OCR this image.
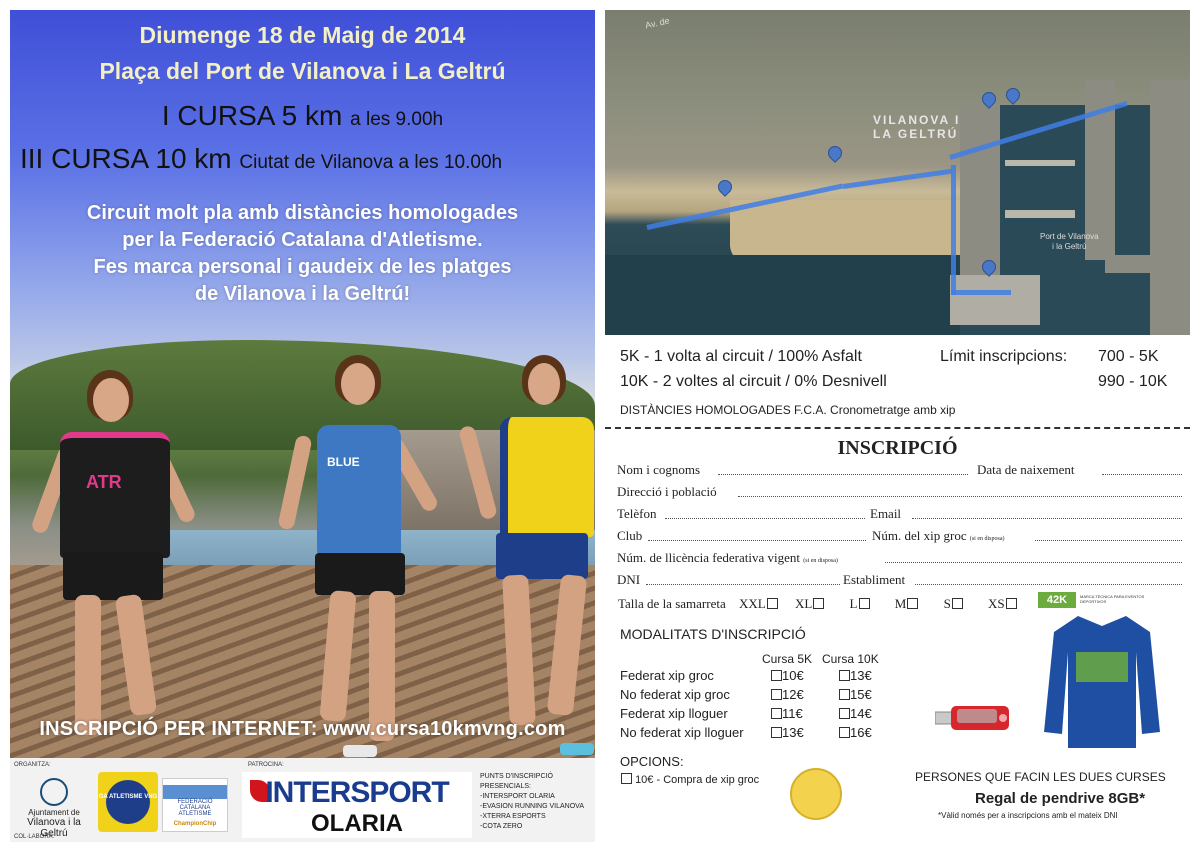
Diumenge 18 de Maig de 2014
Plaça del Port de Vilanova i La Geltrú
I CURSA 5 km a les 9.00h
III CURSA 10 km Ciutat de Vilanova a les 10.00h
Circuit molt pla amb distàncies homologades
per la Federació Catalana d'Atletisme.
Fes marca personal i gaudeix de les platges
de Vilanova i la Geltrú!
ATR
BLUE
INSCRIPCIÓ PER INTERNET: www.cursa10kmvng.com
ORGANITZA:	PATROCINA:
COL·LABORA:
Ajuntament de
Vilanova i la Geltrú
GA ATLETISME VNG
FEDERACIÓ CATALANA ATLETISME
ChampionChip
INTERSPORT
OLARIA
PUNTS D'INSCRIPCIÓ PRESENCIALS:
-INTERSPORT OLARIA
-EVASION RUNNING VILANOVA
-XTERRA ESPORTS
-COTA ZERO
Av. de
VILANOVA I
LA GELTRÚ
Port de Vilanova
i la Geltrú
5K - 1 volta al circuit / 100% Asfalt
10K - 2 voltes al circuit / 0% Desnivell
Límit inscripcions: 700 - 5K
990 - 10K
DISTÀNCIES HOMOLOGADES F.C.A. Cronometratge amb xip
INSCRIPCIÓ
Nom i cognoms	Data de naixement
Direcció i població
Telèfon	Email
Club	Núm. del xip groc (si en disposa)
Núm. de llicència federativa vigent (si en disposa)
DNI	Establiment
Talla de la samarreta XXL XL	L	M	S	XS
MODALITATS D'INSCRIPCIÓ
Cursa 5K Cursa 10K
Federat xip groc	10€	13€
No federat xip groc	12€	15€
Federat xip lloguer	11€	14€
No federat xip lloguer	13€	16€
OPCIONS:
10€ - Compra de xip groc
42K	MARCA TÈCNICA PARA EVENTOS DEPORTIVOS
PERSONES QUE FACIN LES DUES CURSES
Regal de pendrive 8GB*
*Vàlid només per a inscripcions amb el mateix DNI
